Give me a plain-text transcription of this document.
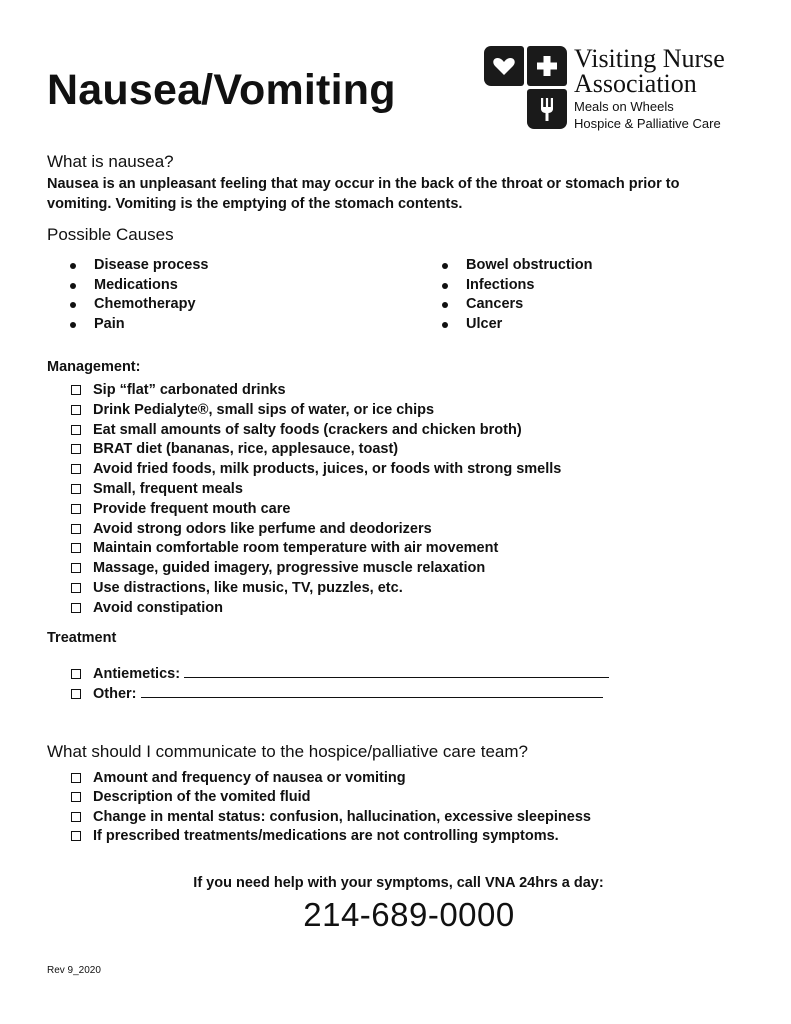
Nausea/Vomiting
Visiting Nurse
Association
Meals on Wheels
Hospice & Palliative Care
What is nausea?
Nausea is an unpleasant feeling that may occur in the back of the throat or stomach prior to
vomiting. Vomiting is the emptying of the stomach contents.
Possible Causes
Disease process
Medications
Chemotherapy
Pain
Bowel obstruction
Infections
Cancers
Ulcer
Management:
Sip “flat” carbonated drinks
Drink Pedialyte®, small sips of water, or ice chips
Eat small amounts of salty foods (crackers and chicken broth)
BRAT diet (bananas, rice, applesauce, toast)
Avoid fried foods, milk products, juices, or foods with strong smells
Small, frequent meals
Provide frequent mouth care
Avoid strong odors like perfume and deodorizers
Maintain comfortable room temperature with air movement
Massage, guided imagery, progressive muscle relaxation
Use distractions, like music, TV, puzzles, etc.
Avoid constipation
Treatment
Antiemetics:
Other:
What should I communicate to the hospice/palliative care team?
Amount and frequency of nausea or vomiting
Description of the vomited fluid
Change in mental status: confusion, hallucination, excessive sleepiness
If prescribed treatments/medications are not controlling symptoms.
If you need help with your symptoms, call VNA 24hrs a day:
214-689-0000
Rev 9_2020
